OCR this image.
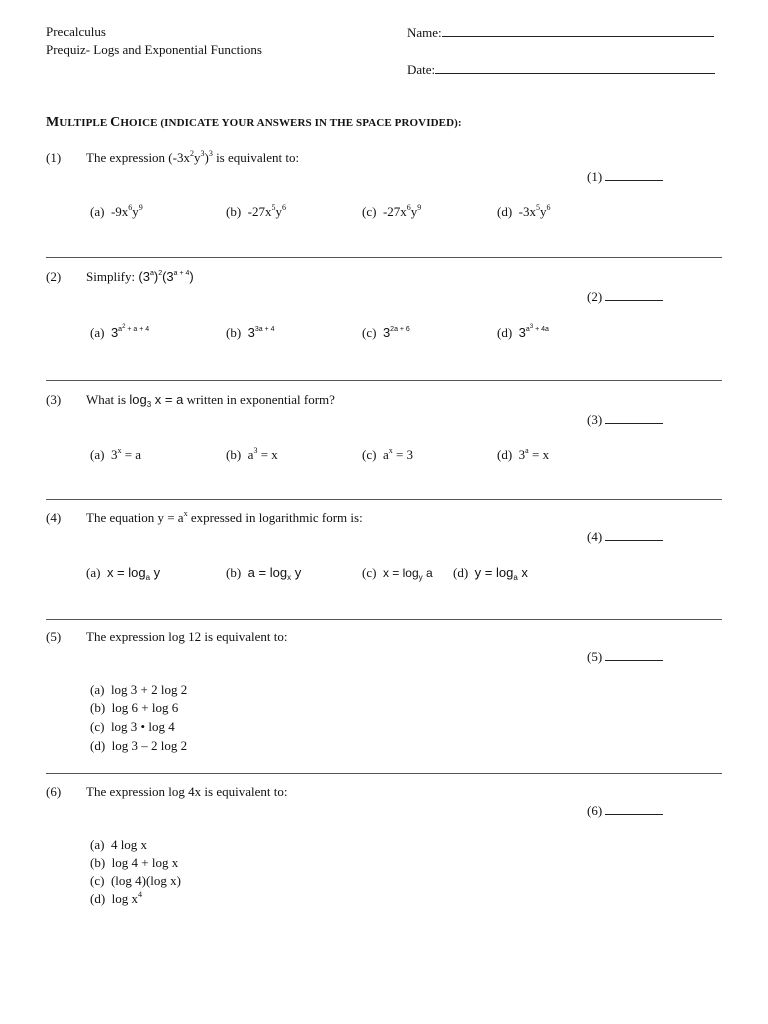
Precalculus
Prequiz- Logs and Exponential Functions
Name:
Date:
MULTIPLE CHOICE (INDICATE YOUR ANSWERS IN THE SPACE PROVIDED):
(1) The expression $(-3x^2y^3)^3$ is equivalent to:
(1)
(a) $-9x^6y^9$	(b) $-27x^5y^6$	(c) $-27x^6y^9$	(d) $-3x^5y^6$
(2) Simplify: $(3^a)^2(3^{a + 4})$
(2)
(a) $3^{a2 + a + 4}$	(b) $3^{3a + 4}$	(c) $3^{2a + 6}$	(d) $3^{a3 + 4a}$
(3) What is $\log_3 x = a$ written in exponential form?
(3)
(a) $3^x = a$	(b) $a^3 = x$	(c) $a^x = 3$	(d) $3^a = x$
(4) The equation $y = a^x$ expressed in logarithmic form is:
(4)
(a) $x = \log_a y$	(b) $a = \log_x y$	(c) $x = \log_y a$ (d) $y = \log_a x$
(5) The expression log 12 is equivalent to:
(5)
(a) log 3 + 2 log 2
(b) log 6 + log 6
(c) log 3 • log 4
(d) log 3 – 2 log 2
(6) The expression log 4x is equivalent to:
(6)
(a) 4 log x
(b) log 4 + log x
(c) (log 4)(log x)
(d) $\log x^4$
